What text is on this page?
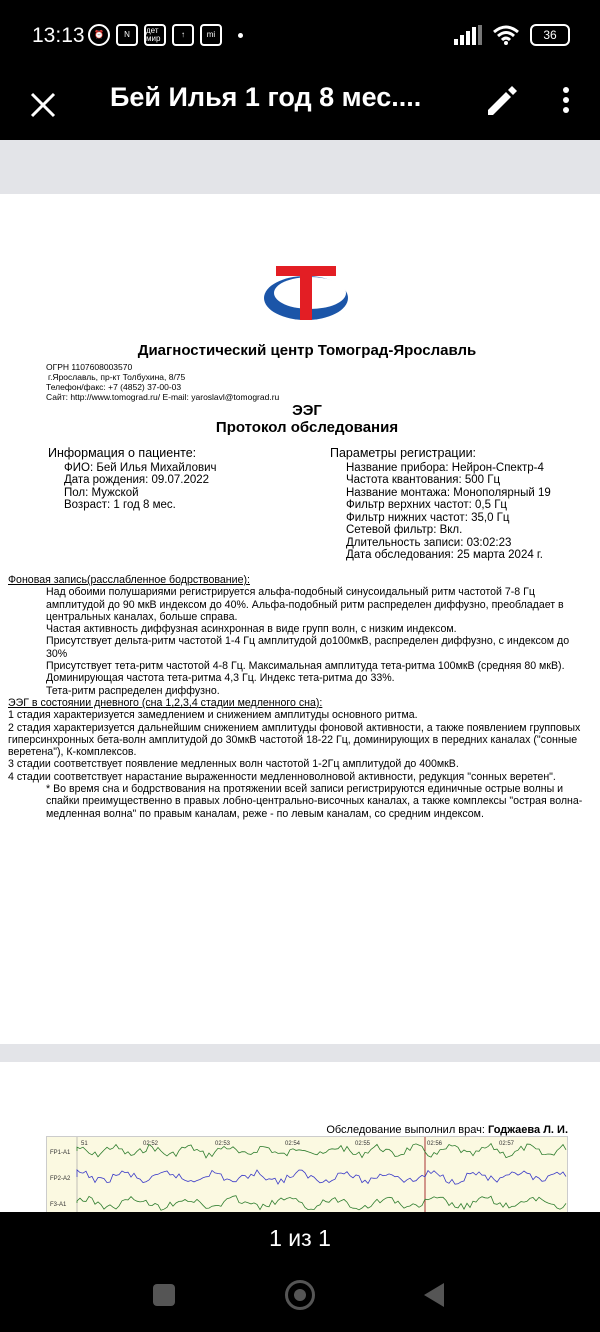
13:13	⏰	N	дет мир	↑	mi	36
Бей Илья 1 год 8 мес....
Диагностический центр Томоград-Ярославль
ОГРН 1107608003570
г.Ярославль, пр-кт Толбухина, 8/75
Телефон/факс: +7 (4852) 37-00-03
Сайт: http://www.tomograd.ru/ E-mail: yaroslavl@tomograd.ru
ЭЭГ
Протокол обследования
Информация о пациенте:
ФИО: Бей Илья Михайлович
Дата рождения: 09.07.2022
Пол: Мужской
Возраст: 1 год 8 мес.
Параметры регистрации:
Название прибора: Нейрон-Спектр-4
Частота квантования: 500 Гц
Название монтажа: Монополярный 19
Фильтр верхних частот: 0,5 Гц
Фильтр нижних частот: 35,0 Гц
Сетевой фильтр: Вкл.
Длительность записи: 03:02:23
Дата обследования: 25 марта 2024 г.
Фоновая запись(расслабленное бодрствование):
Над обоими полушариями регистрируется альфа-подобный синусоидальный ритм частотой 7-8 Гц амплитудой до 90 мкВ индексом до 40%. Альфа-подобный ритм распределен диффузно, преобладает в центральных каналах, больше справа.
Частая активность диффузная асинхронная в виде групп волн, с низким индексом.
Присутствует дельта-ритм частотой 1-4 Гц амплитудой до100мкВ, распределен диффузно, с индексом до 30%
Присутствует тета-ритм частотой 4-8 Гц. Максимальная амплитуда тета-ритма 100мкВ (средняя 80 мкВ). Доминирующая частота тета-ритма 4,3 Гц. Индекс тета-ритма до 33%.
Тета-ритм распределен диффузно.
ЭЭГ в состоянии дневного (сна 1,2,3,4 стадии медленного сна):
1 стадия характеризуется замедлением и снижением амплитуды основного ритма.
2 стадия характеризуется дальнейшим снижением амплитуды фоновой активности, а также появлением групповых гиперсинхронных бета-волн амплитудой до 30мкВ частотой 18-22 Гц, доминирующих в передних каналах ("сонные веретена"), К-комплексов.
3 стадии соответствует появление медленных волн частотой 1-2Гц амплитудой до 400мкВ.
4 стадии соответствует нарастание выраженности медленноволновой активности, редукция "сонных веретен".
* Во время сна и бодрствования на протяжении всей записи регистрируются единичные острые волны и спайки преимущественно в правых лобно-центрально-височных каналах, а также комплексы "острая волна-медленная волна" по правым каналам, реже - по левым каналам, со средним индексом.
Обследование выполнил врач: Годжаева Л. И.
51	02:52	02:53	02:54	02:55	02:56	02:57
FP1-A1
FP2-A2
F3-A1
1 из 1
